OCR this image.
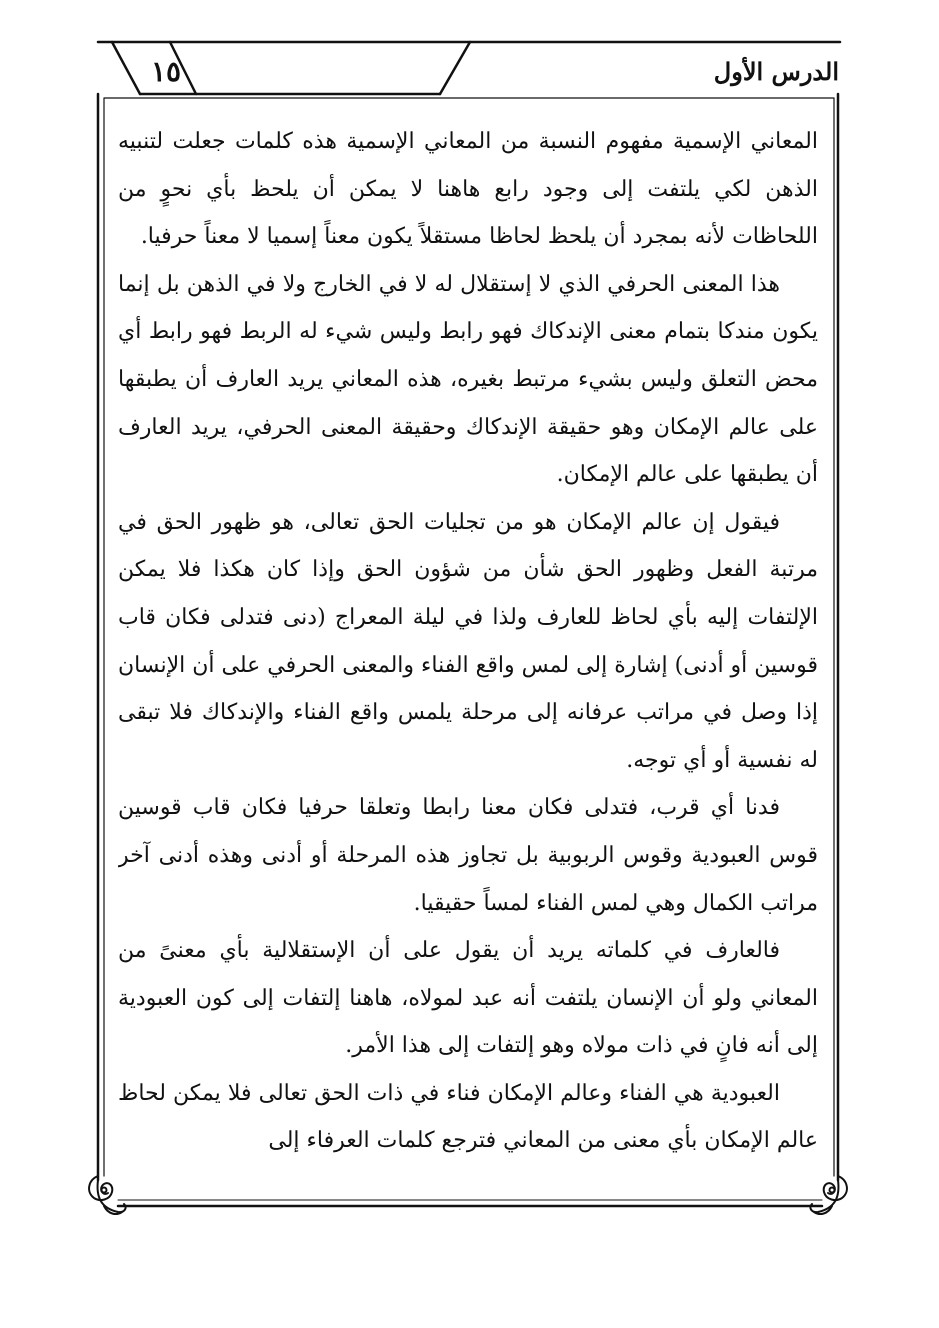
١٥	الدرس الأول

المعاني الإسمية مفهوم النسبة من المعاني الإسمية هذه كلمات جعلت لتنبيه الذهن لكي يلتفت إلى وجود رابع هاهنا لا يمكن أن يلحظ بأي نحوٍ من اللحاظات لأنه بمجرد أن يلحظ لحاظا مستقلاً يكون معناً إسميا لا معناً حرفيا.

هذا المعنى الحرفي الذي لا إستقلال له لا في الخارج ولا في الذهن بل إنما يكون مندكا بتمام معنى الإندكاك فهو رابط وليس شيء له الربط فهو رابط أي محض التعلق وليس بشيء مرتبط بغيره، هذه المعاني يريد العارف أن يطبقها على عالم الإمكان وهو حقيقة الإندكاك وحقيقة المعنى الحرفي، يريد العارف أن يطبقها على عالم الإمكان.

فيقول إن عالم الإمكان هو من تجليات الحق تعالى، هو ظهور الحق في مرتبة الفعل وظهور الحق شأن من شؤون الحق وإذا كان هكذا فلا يمكن الإلتفات إليه بأي لحاظ للعارف ولذا في ليلة المعراج (دنى فتدلى فكان قاب قوسين أو أدنى) إشارة إلى لمس واقع الفناء والمعنى الحرفي على أن الإنسان إذا وصل في مراتب عرفانه إلى مرحلة يلمس واقع الفناء والإندكاك فلا تبقى له نفسية أو أي توجه.

فدنا أي قرب، فتدلى فكان معنا رابطا وتعلقا حرفيا فكان قاب قوسين قوس العبودية وقوس الربوبية بل تجاوز هذه المرحلة أو أدنى وهذه أدنى آخر مراتب الكمال وهي لمس الفناء لمساً حقيقيا.

فالعارف في كلماته يريد أن يقول على أن الإستقلالية بأي معنىً من المعاني ولو أن الإنسان يلتفت أنه عبد لمولاه، هاهنا إلتفات إلى كون العبودية إلى أنه فانٍ في ذات مولاه وهو إلتفات إلى هذا الأمر.

العبودية هي الفناء وعالم الإمكان فناء في ذات الحق تعالى فلا يمكن لحاظ عالم الإمكان بأي معنى من المعاني فترجع كلمات العرفاء إلى
